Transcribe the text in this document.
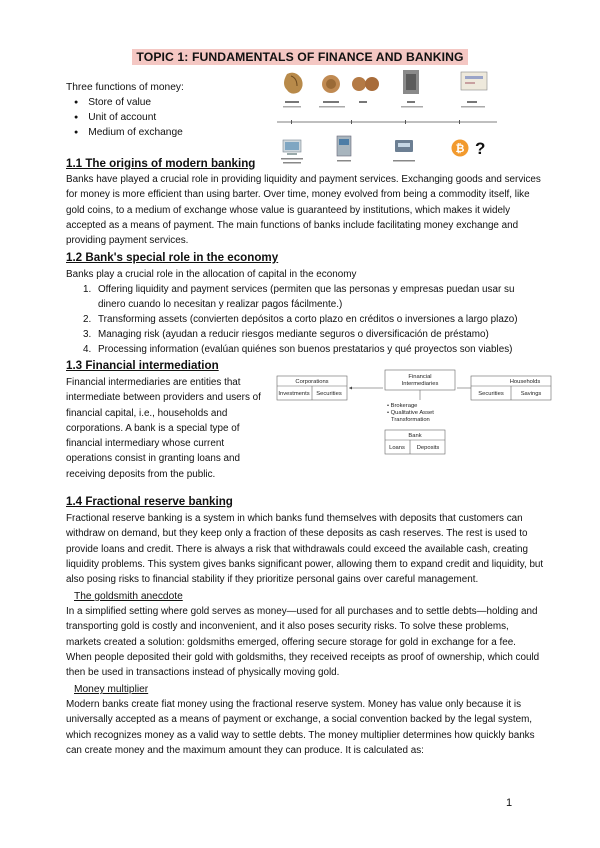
TOPIC 1: FUNDAMENTALS OF FINANCE AND BANKING
Three functions of money:
● Store of value
● Unit of account
● Medium of exchange
₿ ?
1.1 The origins of modern banking
Banks have played a crucial role in providing liquidity and payment services. Exchanging goods and services for money is more efficient than using barter. Over time, money evolved from being a commodity itself, like gold coins, to a medium of exchange whose value is guaranteed by institutions, which makes it widely accepted as a means of payment. The main functions of banks include facilitating money exchange and providing payment services.
1.2 Bank's special role in the economy
Banks play a crucial role in the allocation of capital in the economy
1. Offering liquidity and payment services (permiten que las personas y empresas puedan usar su dinero cuando lo necesitan y realizar pagos fácilmente.)
2. Transforming assets (convierten depósitos a corto plazo en créditos o inversiones a largo plazo)
3. Managing risk (ayudan a reducir riesgos mediante seguros o diversificación de préstamo)
4. Processing information (evalúan quiénes son buenos prestatarios y qué proyectos son viables)
1.3 Financial intermediation
Financial intermediaries are entities that intermediate between providers and users of financial capital, i.e., households and corporations. A bank is a special type of financial intermediary whose current operations consist in granting loans and receiving deposits from the public.
Corporations
Investments Securities
Financial
Intermediaries
• Brokerage
• Qualitative Asset
Transformation
Bank
Loans Deposits
Households
Securities	Savings
1.4 Fractional reserve banking
Fractional reserve banking is a system in which banks fund themselves with deposits that customers can withdraw on demand, but they keep only a fraction of these deposits as cash reserves. The rest is used to provide loans and credit. There is always a risk that withdrawals could exceed the available cash, creating liquidity problems. This system gives banks significant power, allowing them to expand credit and liquidity, but also posing risks to financial stability if they prioritize personal gains over careful management.
The goldsmith anecdote
In a simplified setting where gold serves as money—used for all purchases and to settle debts—holding and transporting gold is costly and inconvenient, and it also poses security risks. To solve these problems, markets created a solution: goldsmiths emerged, offering secure storage for gold in exchange for a fee. When people deposited their gold with goldsmiths, they received receipts as proof of ownership, which could then be used in transactions instead of physically moving gold.
Money multiplier
Modern banks create fiat money using the fractional reserve system. Money has value only because it is universally accepted as a means of payment or exchange, a social convention backed by the legal system, which recognizes money as a valid way to settle debts. The money multiplier determines how quickly banks can create money and the maximum amount they can produce. It is calculated as:
1
